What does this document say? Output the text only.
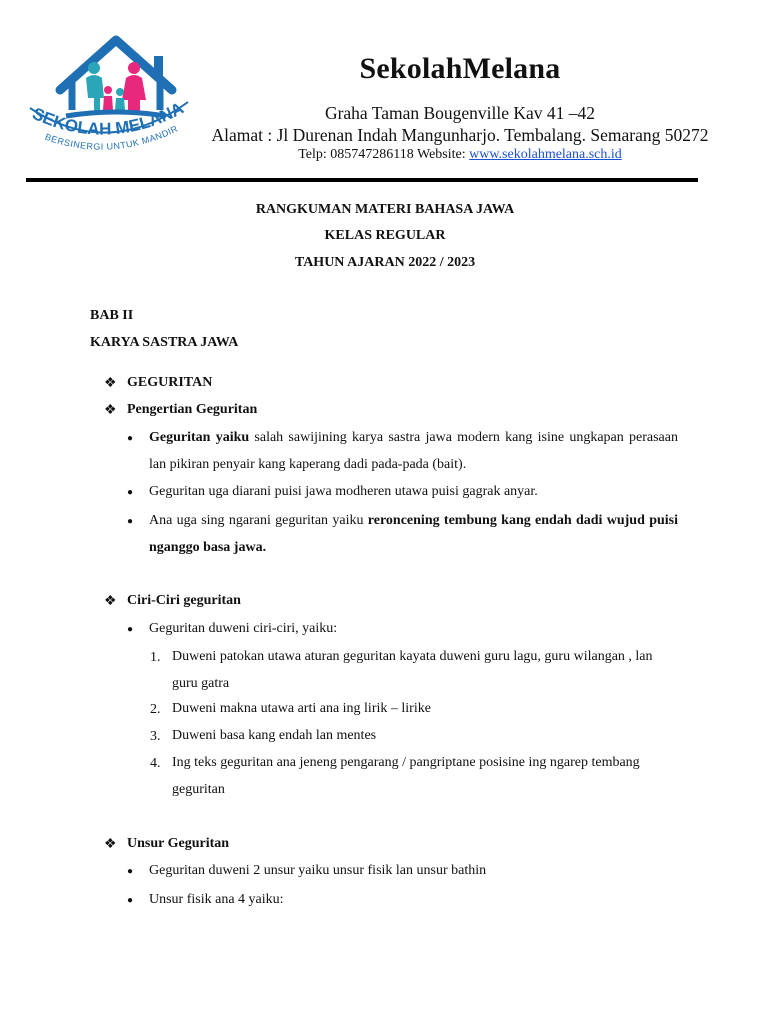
SEKOLAH MELANA
BERSINERGI UNTUK MANDIR
SekolahMelana
Graha Taman Bougenville Kav 41 –42
Alamat : Jl Durenan Indah Mangunharjo. Tembalang. Semarang 50272
Telp: 085747286118 Website: www.sekolahmelana.sch.id
RANGKUMAN MATERI BAHASA JAWA
KELAS REGULAR
TAHUN AJARAN 2022 / 2023
BAB II
KARYA SASTRA JAWA
❖ GEGURITAN
❖ Pengertian Geguritan
● Geguritan yaiku salah sawijining karya sastra jawa modern kang isine ungkapan perasaan lan pikiran penyair kang kaperang dadi pada-pada (bait).
● Geguritan uga diarani puisi jawa modheren utawa puisi gagrak anyar.
● Ana uga sing ngarani geguritan yaiku reroncening tembung kang endah dadi wujud puisi nganggo basa jawa.
❖ Ciri-Ciri geguritan
● Geguritan duweni ciri-ciri, yaiku:
1. Duweni patokan utawa aturan geguritan kayata duweni guru lagu, guru wilangan , lan guru gatra
2. Duweni makna utawa arti ana ing lirik – lirike
3. Duweni basa kang endah lan mentes
4. Ing teks geguritan ana jeneng pengarang / pangriptane posisine ing ngarep tembang geguritan
❖ Unsur Geguritan
● Geguritan duweni 2 unsur yaiku unsur fisik lan unsur bathin
● Unsur fisik ana 4 yaiku:
